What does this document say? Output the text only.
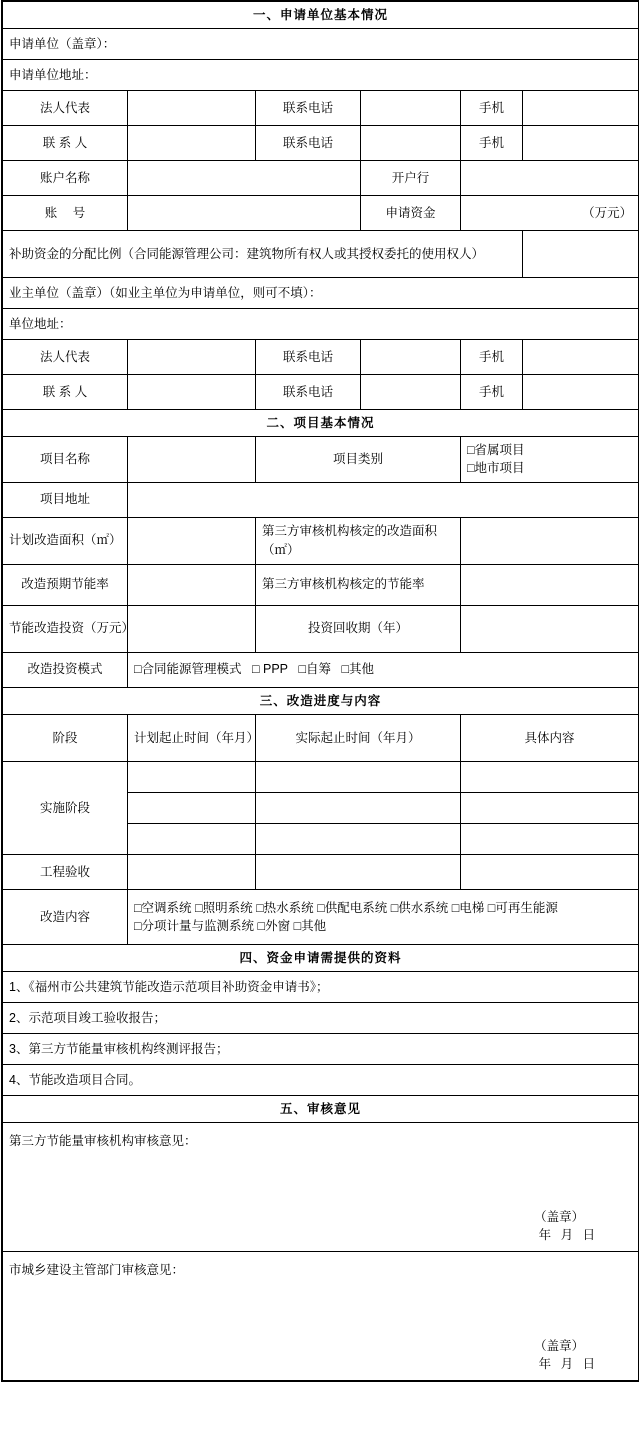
一、申请单位基本情况					
申请单位（盖章）：					
申请单位地址：					
法人代表		联系电话		手机	
联 系 人		联系电话		手机	
账户名称			开户行		
账 号			申请资金	（万元）	
补助资金的分配比例（合同能源管理公司：建筑物所有权人或其授权委托的使用权人）					
业主单位（盖章）（如业主单位为申请单位，则可不填）：					
单位地址：					
法人代表		联系电话		手机	
联 系 人		联系电话		手机	
二、项目基本情况					
项目名称		项目类别		□省属项目
□地市项目	

项目地址					
计划改造面积（㎡）		第三方审核机构核定的改造面积（㎡）			
改造预期节能率		第三方审核机构核定的节能率			
节能改造投资（万元）		投资回收期（年）			
改造投资模式	□合同能源管理模式 □ PPP □自筹 □其他				
三、改造进度与内容					
阶段	计划起止时间（年月）	实际起止时间（年月）		具体内容	
实施阶段					

工程验收					
改造内容	□空调系统 □照明系统 □热水系统 □供配电系统 □供水系统 □电梯 □可再生能源
□分项计量与监测系统 □外窗 □其他				

四、资金申请需提供的资料					
1、《福州市公共建筑节能改造示范项目补助资金申请书》；					
2、示范项目竣工验收报告；					
3、第三方节能量审核机构终测评报告；					
4、节能改造项目合同。					
五、审核意见					

第三方节能量审核机构审核意见：
（盖章）
年 月 日					

市城乡建设主管部门审核意见：
（盖章）
年 月 日					
